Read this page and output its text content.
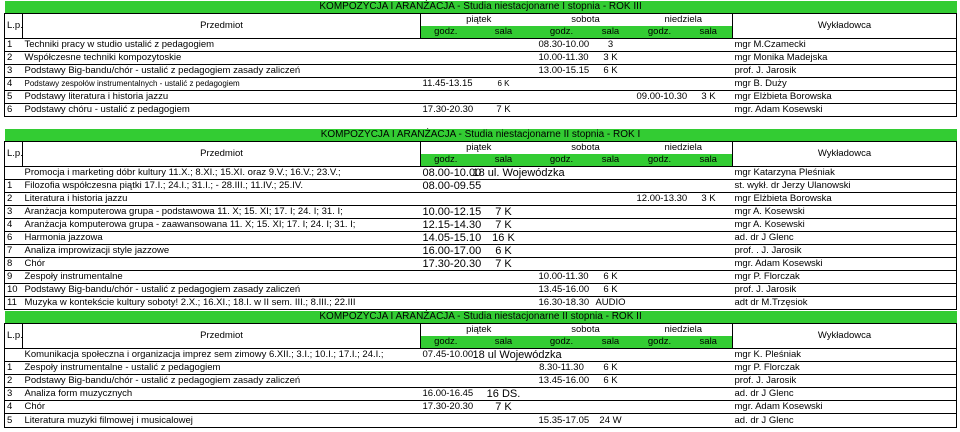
KOMPOZYCJA I ARANŻACJA - Studia niestacjonarne I stopnia - ROK III								
L.p.	Przedmiot	piątek		sobota		niedziela		Wykładowca
		godz.	sala	godz.	sala	godz.	sala	
1	Techniki pracy w studio ustalić z pedagogiem			08.30-10.00	3			mgr M.Czamecki
2	Współczesne techniki kompozytoskie			10.00-11.30	3 K			mgr Monika Madejska
3	Podstawy Big-bandu/chór - ustalić z pedagogiem zasady zaliczeń			13.00-15.15	6 K			prof. J. Jarosik
4	Podstawy zespołów instrumentalnych - ustalić z pedagogiem	11.45-13.15	6 K					mgr B. Duży
5	Podstawy literatura i historia jazzu					09.00-10.30	3 K	mgr Elżbieta Borowska
6	Podstawy chóru - ustalić z pedagogiem	17.30-20.30	7 K					mgr. Adam Kosewski
KOMPOZYCJA I ARANŻACJA - Studia niestacjonarne II stopnia - ROK I								
L.p.	Przedmiot	piątek		sobota		niedziela		Wykładowca
		godz.	sala	godz.	sala	godz.	sala	
	Promocja i marketing dóbr kultury 11.X.; 8.XI.; 15.XI. oraz 9.V.; 16.V.; 23.V.;	08.00-10.00	18 ul. Wojewódzka					mgr Katarzyna Pleśniak
1	Filozofia współczesna piątki 17.I.; 24.I.; 31.I.; - 28.III.; 11.IV.; 25.IV.	08.00-09.55						st. wykł. dr Jerzy Ulanowski
2	Literatura i historia jazzu					12.00-13.30	3 K	mgr Elżbieta Borowska
3	Aranżacja komputerowa grupa - podstawowa 11. X; 15. XI; 17. I; 24. I; 31. I;	10.00-12.15	7 K					mgr A. Kosewski
4	Aranżacja komputerowa grupa - zaawansowana 11. X; 15. XI; 17. I; 24. I; 31. I;	12.15-14.30	7 K					mgr A. Kosewski
6	Harmonia jazzowa	14.05-15.10	16 K					ad. dr J Glenc
7	Analiza improwizacji style jazzowe	16.00-17.00	6 K					prof. . J. Jarosik
8	Chór	17.30-20.30	7 K					mgr. Adam Kosewski
9	Zespoły instrumentalne			10.00-11.30	6 K			mgr P. Florczak
10	Podstawy Big-bandu/chór - ustalić z pedagogiem zasady zaliczeń			13.45-16.00	6 K			prof. J. Jarosik
11	Muzyka w kontekście kultury soboty! 2.X.; 16.XI.; 18.I. w II sem. III.; 8.III.; 22.III			16.30-18.30	AUDIO			adt dr M.Trzęsiok
KOMPOZYCJA I ARANŻACJA - Studia niestacjonarne II stopnia - ROK II								
L.p.	Przedmiot	piątek		sobota		niedziela		Wykładowca
		godz.	sala	godz.	sala	godz.	sala	
	Komunikacja społeczna i organizacja imprez sem zimowy 6.XII.; 3.I.; 10.I.; 17.I.; 24.I.;	07.45-10.00	18 ul Wojewódzka					mgr K. Pleśniak
1	Zespoły instrumentalne - ustalić z pedagogiem			8.30-11.30	6 K			mgr P. Florczak
2	Podstawy Big-bandu/chór - ustalić z pedagogiem zasady zaliczeń			13.45-16.00	6 K			prof. J. Jarosik
3	Analiza form muzycznych	16.00-16.45	16 DS.					ad. dr J Glenc
4	Chór	17.30-20.30	7 K					mgr. Adam Kosewski
5	Literatura muzyki filmowej i musicalowej			15.35-17.05	24 W			ad. dr J Glenc
